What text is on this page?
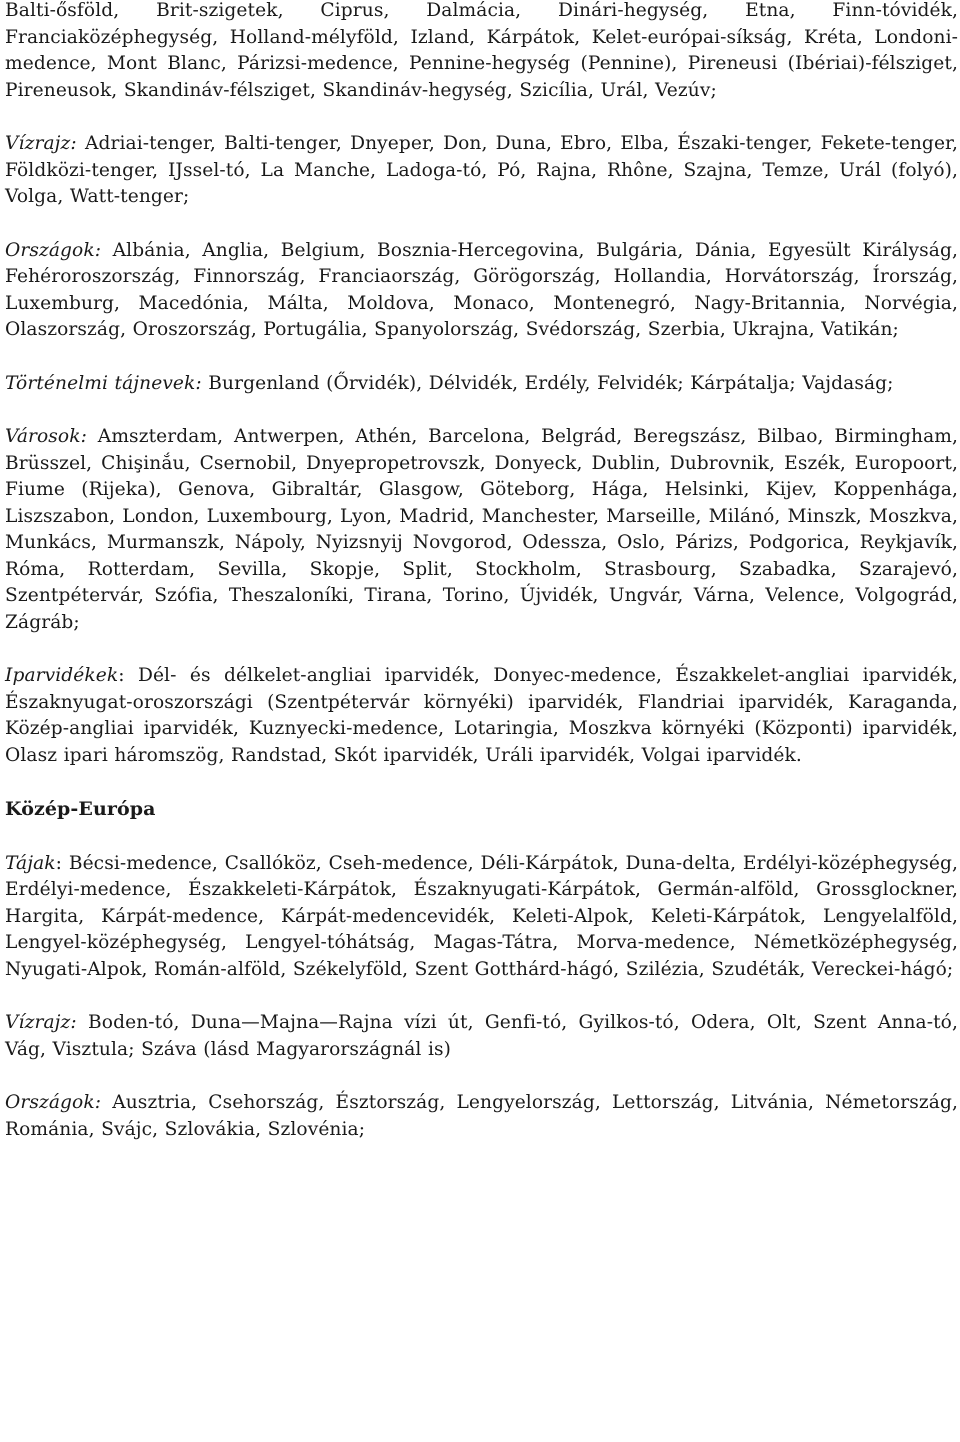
Balti-ősföld, Brit-szigetek, Ciprus, Dalmácia, Dinári-hegység, Etna, Finn-tóvidék, Franciaközéphegység, Holland-mélyföld, Izland, Kárpátok, Kelet-európai-síkság, Kréta, Londoni-medence, Mont Blanc, Párizsi-medence, Pennine-hegység (Pennine), Pireneusi (Ibériai)-félsziget, Pireneusok, Skandináv-félsziget, Skandináv-hegység, Szicília, Urál, Vezúv;

Vízrajz: Adriai-tenger, Balti-tenger, Dnyeper, Don, Duna, Ebro, Elba, Északi-tenger, Fekete-tenger, Földközi-tenger, IJssel-tó, La Manche, Ladoga-tó, Pó, Rajna, Rhône, Szajna, Temze, Urál (folyó), Volga, Watt-tenger;

Országok: Albánia, Anglia, Belgium, Bosznia-Hercegovina, Bulgária, Dánia, Egyesült Királyság, Fehéroroszország, Finnország, Franciaország, Görögország, Hollandia, Horvátország, Írország, Luxemburg, Macedónia, Málta, Moldova, Monaco, Montenegró, Nagy-Britannia, Norvégia, Olaszország, Oroszország, Portugália, Spanyolország, Svédország, Szerbia, Ukrajna, Vatikán;

Történelmi tájnevek: Burgenland (Őrvidék), Délvidék, Erdély, Felvidék; Kárpátalja; Vajdaság;

Városok: Amszterdam, Antwerpen, Athén, Barcelona, Belgrád, Beregszász, Bilbao, Birmingham, Brüsszel, Chişinắu, Csernobil, Dnyepropetrovszk, Donyeck, Dublin, Dubrovnik, Eszék, Europoort, Fiume (Rijeka), Genova, Gibraltár, Glasgow, Göteborg, Hága, Helsinki, Kijev, Koppenhága, Liszszabon, London, Luxembourg, Lyon, Madrid, Manchester, Marseille, Milánó, Minszk, Moszkva, Munkács, Murmanszk, Nápoly, Nyizsnyij Novgorod, Odessza, Oslo, Párizs, Podgorica, Reykjavík, Róma, Rotterdam, Sevilla, Skopje, Split, Stockholm, Strasbourg, Szabadka, Szarajevó, Szentpétervár, Szófia, Theszaloníki, Tirana, Torino, Újvidék, Ungvár, Várna, Velence, Volgográd, Zágráb;

Iparvidékek: Dél- és délkelet-angliai iparvidék, Donyec-medence, Északkelet-angliai iparvidék, Északnyugat-oroszországi (Szentpétervár környéki) iparvidék, Flandriai iparvidék, Karaganda, Közép-angliai iparvidék, Kuznyecki-medence, Lotaringia, Moszkva környéki (Központi) iparvidék, Olasz ipari háromszög, Randstad, Skót iparvidék, Uráli iparvidék, Volgai iparvidék.

Közép-Európa

Tájak: Bécsi-medence, Csallóköz, Cseh-medence, Déli-Kárpátok, Duna-delta, Erdélyi-középhegység, Erdélyi-medence, Északkeleti-Kárpátok, Északnyugati-Kárpátok, Germán-alföld, Grossglockner, Hargita, Kárpát-medence, Kárpát-medencevidék, Keleti-Alpok, Keleti-Kárpátok, Lengyelalföld, Lengyel-középhegység, Lengyel-tóhátság, Magas-Tátra, Morva-medence, Németközéphegység, Nyugati-Alpok, Román-alföld, Székelyföld, Szent Gotthárd-hágó, Szilézia, Szudéták, Vereckei-hágó;

Vízrajz: Boden-tó, Duna—Majna—Rajna vízi út, Genfi-tó, Gyilkos-tó, Odera, Olt, Szent Anna-tó, Vág, Visztula; Száva (lásd Magyarországnál is)

Országok: Ausztria, Csehország, Észtország, Lengyelország, Lettország, Litvánia, Németország, Románia, Svájc, Szlovákia, Szlovénia;
